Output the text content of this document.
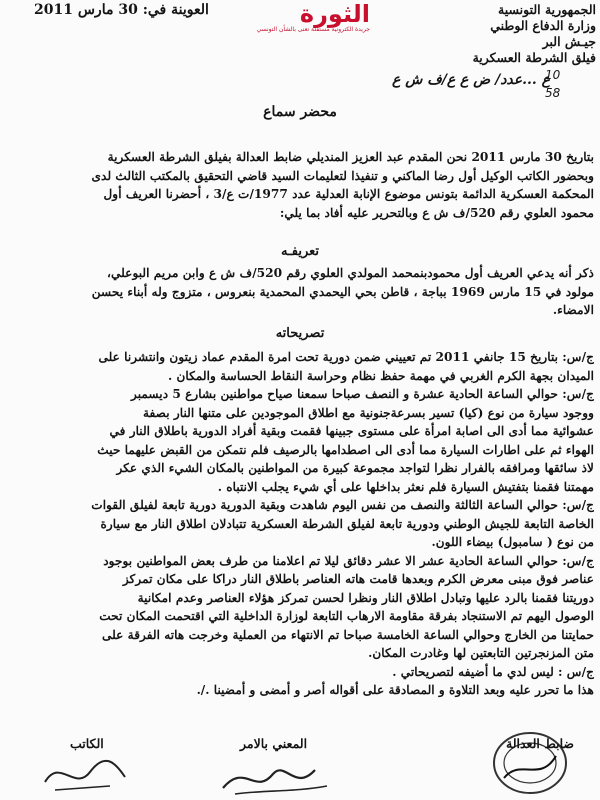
الجمهورية التونسية
وزارة الدفاع الوطني
جيـش البر
فيلق الشرطة العسكرية
ع ...عدد/ ض ع ع/ف ش ع
10
58
الثورة
جريدة الكترونية مستقلة تعنى بالشأن التونسي
العوينة في: 30 مارس 2011
محضر سماع
بتاريخ 30 مارس 2011 نحن المقدم عبد العزيز المنديلي ضابط العدالة بفيلق الشرطة العسكرية
وبحضور الكاتب الوكيل أول رضا الماكني و تنفيذا لتعليمات السيد قاضي التحقيق بالمكتب الثالث لدى
المحكمة العسكرية الدائمة بتونس موضوع الإنابة العدلية عدد 1977/ت ع/3 ، أحضرنا العريف أول
محمود العلوي رقم 520/ف ش ع وبالتحرير عليه أفاد بما يلي:
تعريفـه
ذكر أنه يدعي العريف أول محمودبنمحمد المولدي العلوي رقم 520/ف ش ع وابن مريم البوعلي،
مولود في 15 مارس 1969 بباجة ، قاطن بحي اليحمدي المحمدية بنعروس ، متزوج وله أبناء يحسن
الامضاء.
تصريحاته
ج/س: بتاريخ 15 جانفي 2011 تم تعييني ضمن دورية تحت امرة المقدم عماد زيتون وانتشرنا على
الميدان بجهة الكرم الغربي في مهمة حفظ نظام وحراسة النقاط الحساسة والمكان .
ج/س: حوالي الساعة الحادية عشرة و النصف صباحا سمعنا صياح مواطنين بشارع 5 ديسمبر
ووجود سيارة من نوع (كيا) تسير بسرعةجنونية مع اطلاق الموجودين على متنها النار بصفة
عشوائية مما أدى الى اصابة امرأة على مستوى جبينها فقمت وبقية أفراد الدورية باطلاق النار في
الهواء ثم على اطارات السيارة مما أدى الى اصطدامها بالرصيف فلم نتمكن من القبض عليهما حيث
لاذ سائقها ومرافقه بالفرار نظرا لتواجد مجموعة كبيرة من المواطنين بالمكان الشيء الذي عكر
مهمتنا فقمنا بتفتيش السيارة فلم نعثر بداخلها على أي شيء يجلب الانتباه .
ج/س: حوالي الساعة الثالثة والنصف من نفس اليوم شاهدت وبقية الدورية دورية تابعة لفيلق القوات
الخاصة التابعة للجيش الوطني ودورية تابعة لفيلق الشرطة العسكرية تتبادلان اطلاق النار مع سيارة
من نوع ( سامبول) بيضاء اللون.
ج/س: حوالي الساعة الحادية عشر الا عشر دقائق ليلا تم اعلامنا من طرف بعض المواطنين بوجود
عناصر فوق مبنى معرض الكرم وبعدها قامت هاته العناصر باطلاق النار دراكا على مكان تمركز
دوريتنا فقمنا بالرد عليها وتبادل اطلاق النار ونظرا لحسن تمركز هؤلاء العناصر وعدم امكانية
الوصول اليهم تم الاستنجاد بفرقة مقاومة الارهاب التابعة لوزارة الداخلية التي اقتحمت المكان تحت
حمايتنا من الخارج وحوالي الساعة الخامسة صباحا تم الانتهاء من العملية وخرجت هاته الفرقة على
متن المزنجرتين التابعتين لها وغادرت المكان.
ج/س : ليس لدي ما أضيفه لتصريحاتي .
هذا ما تحرر عليه وبعد التلاوة و المصادقة على أقواله أصر و أمضى و أمضينا ./.
الكاتب	المعني بالامر	ضابط العدالة
